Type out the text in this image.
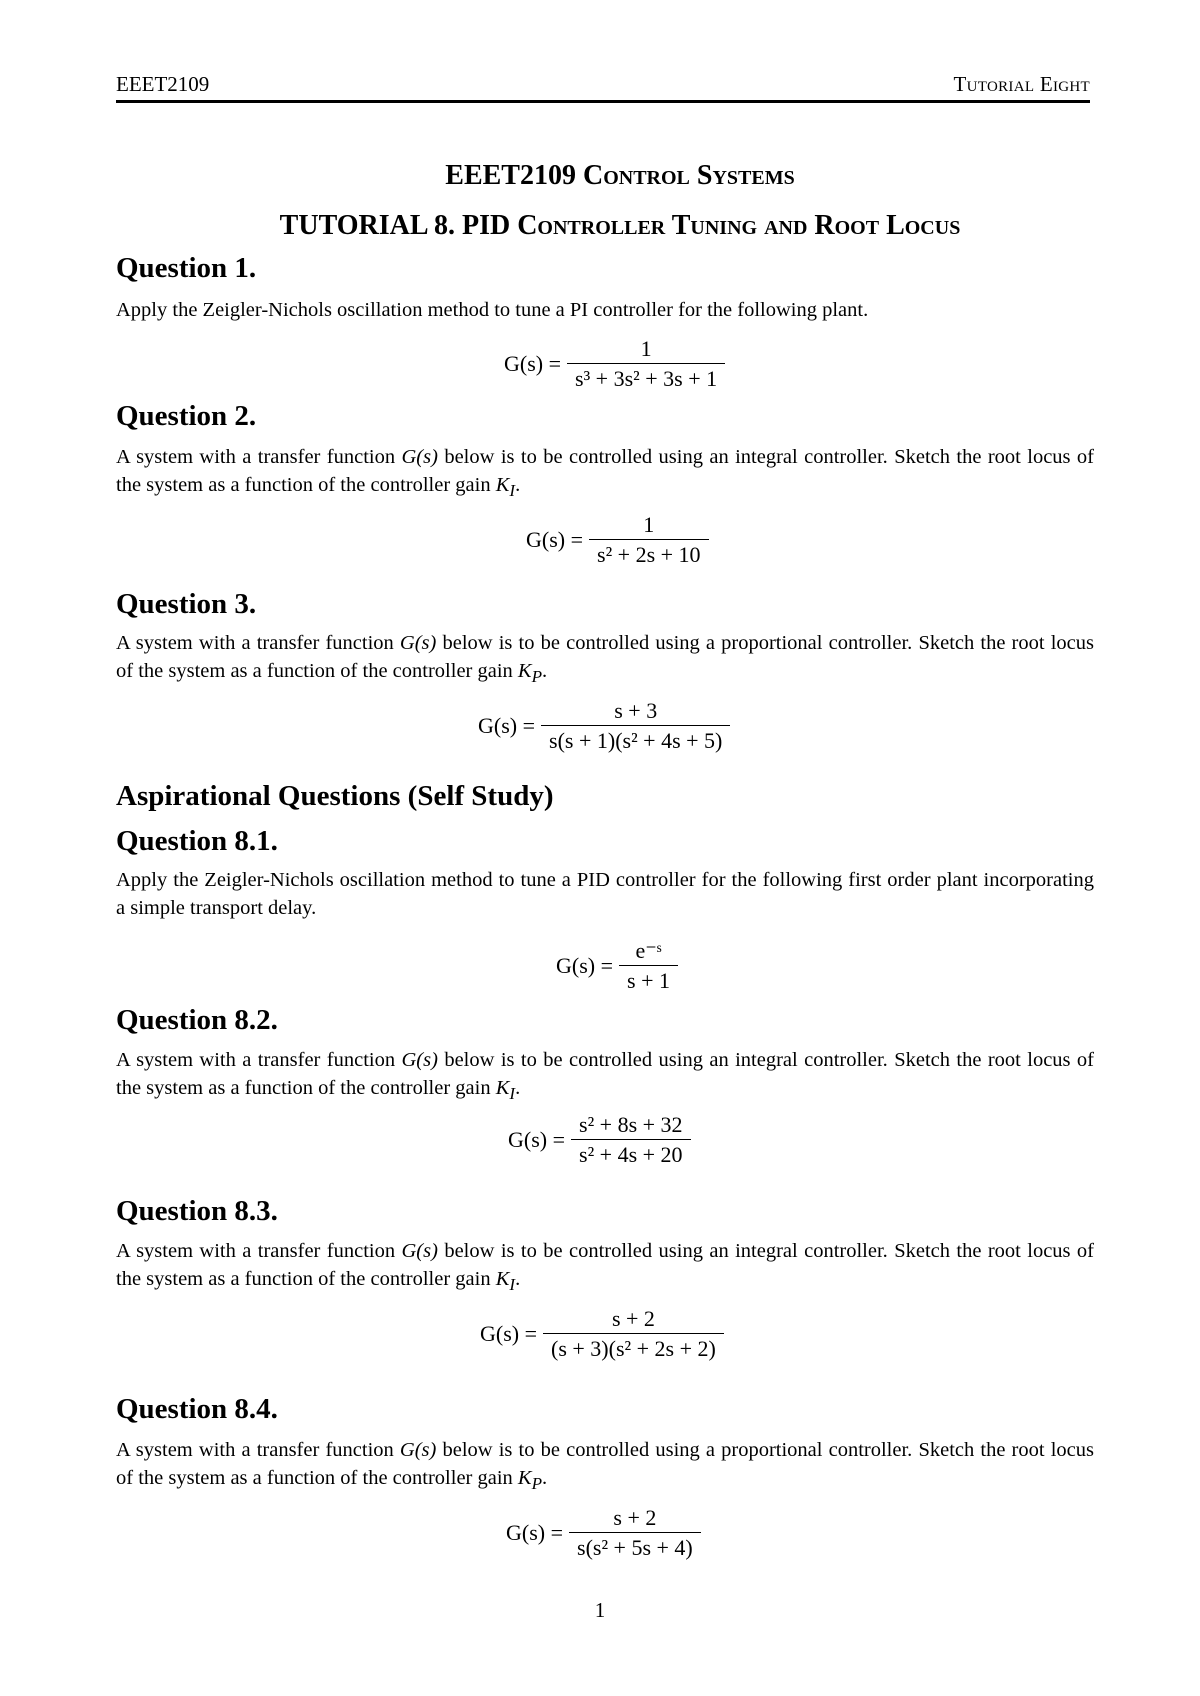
EEET2109	Tutorial Eight
EEET2109 Control Systems
TUTORIAL 8. PID Controller Tuning and Root Locus
Question 1.
Apply the Zeigler-Nichols oscillation method to tune a PI controller for the following plant.
$G(s) = \frac{1}{\text{s³ + 3s² + 3s + 1}}$
Question 2.
A system with a transfer function G(s) below is to be controlled using an integral controller. Sketch the root locus of the system as a function of the controller gain $K_I$.
$G(s) = \frac{1}{\text{s² + 2s + 10}}$
Question 3.
A system with a transfer function G(s) below is to be controlled using a proportional controller. Sketch the root locus of the system as a function of the controller gain $K_P$.
$G(s) = \frac{s + 3}{\text{s(s + 1)(s² + 4s + 5)}}$
Aspirational Questions (Self Study)
Question 8.1.
Apply the Zeigler-Nichols oscillation method to tune a PID controller for the following first order plant incorporating a simple transport delay.
$G(s) = \frac{\text{e⁻ˢ}}{s + 1}$
Question 8.2.
A system with a transfer function G(s) below is to be controlled using an integral controller. Sketch the root locus of the system as a function of the controller gain $K_I$.
$G(s) = \frac{\text{s² + 8s + 32}}{\text{s² + 4s + 20}}$
Question 8.3.
A system with a transfer function G(s) below is to be controlled using an integral controller. Sketch the root locus of the system as a function of the controller gain $K_I$.
$G(s) = \frac{s + 2}{\text{(s + 3)(s² + 2s + 2)}}$
Question 8.4.
A system with a transfer function G(s) below is to be controlled using a proportional controller. Sketch the root locus of the system as a function of the controller gain $K_P$.
$G(s) = \frac{s + 2}{\text{s(s² + 5s + 4)}}$
1
